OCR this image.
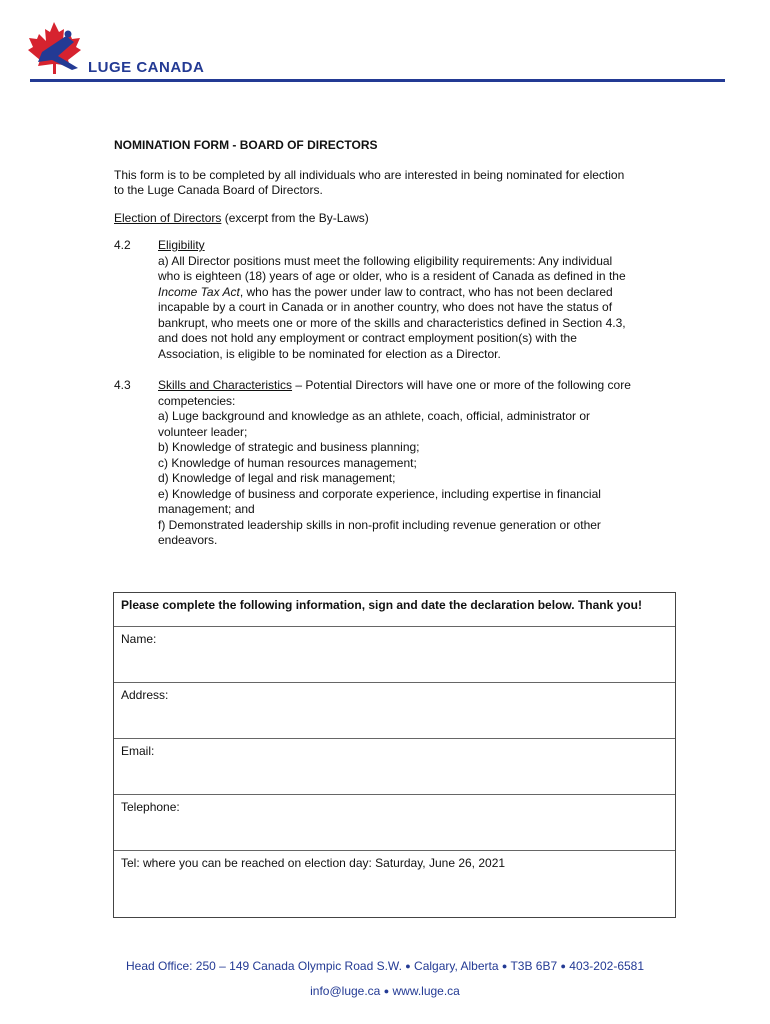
LUGE CANADA
NOMINATION FORM - BOARD OF DIRECTORS
This form is to be completed by all individuals who are interested in being nominated for election
to the Luge Canada Board of Directors.
Election of Directors (excerpt from the By-Laws)
4.2	Eligibility
a) All Director positions must meet the following eligibility requirements: Any individual
who is eighteen (18) years of age or older, who is a resident of Canada as defined in the
Income Tax Act, who has the power under law to contract, who has not been declared
incapable by a court in Canada or in another country, who does not have the status of
bankrupt, who meets one or more of the skills and characteristics defined in Section 4.3,
and does not hold any employment or contract employment position(s) with the
Association, is eligible to be nominated for election as a Director.
4.3	Skills and Characteristics – Potential Directors will have one or more of the following core
competencies:
a) Luge background and knowledge as an athlete, coach, official, administrator or
volunteer leader;
b) Knowledge of strategic and business planning;
c) Knowledge of human resources management;
d) Knowledge of legal and risk management;
e) Knowledge of business and corporate experience, including expertise in financial
management; and
f) Demonstrated leadership skills in non-profit including revenue generation or other
endeavors.
Please complete the following information, sign and date the declaration below. Thank you!
Name:
Address:
Email:
Telephone:
Tel: where you can be reached on election day: Saturday, June 26, 2021
Head Office: 250 – 149 Canada Olympic Road S.W. ● Calgary, Alberta ● T3B 6B7 ● 403-202-6581
info@luge.ca ● www.luge.ca
